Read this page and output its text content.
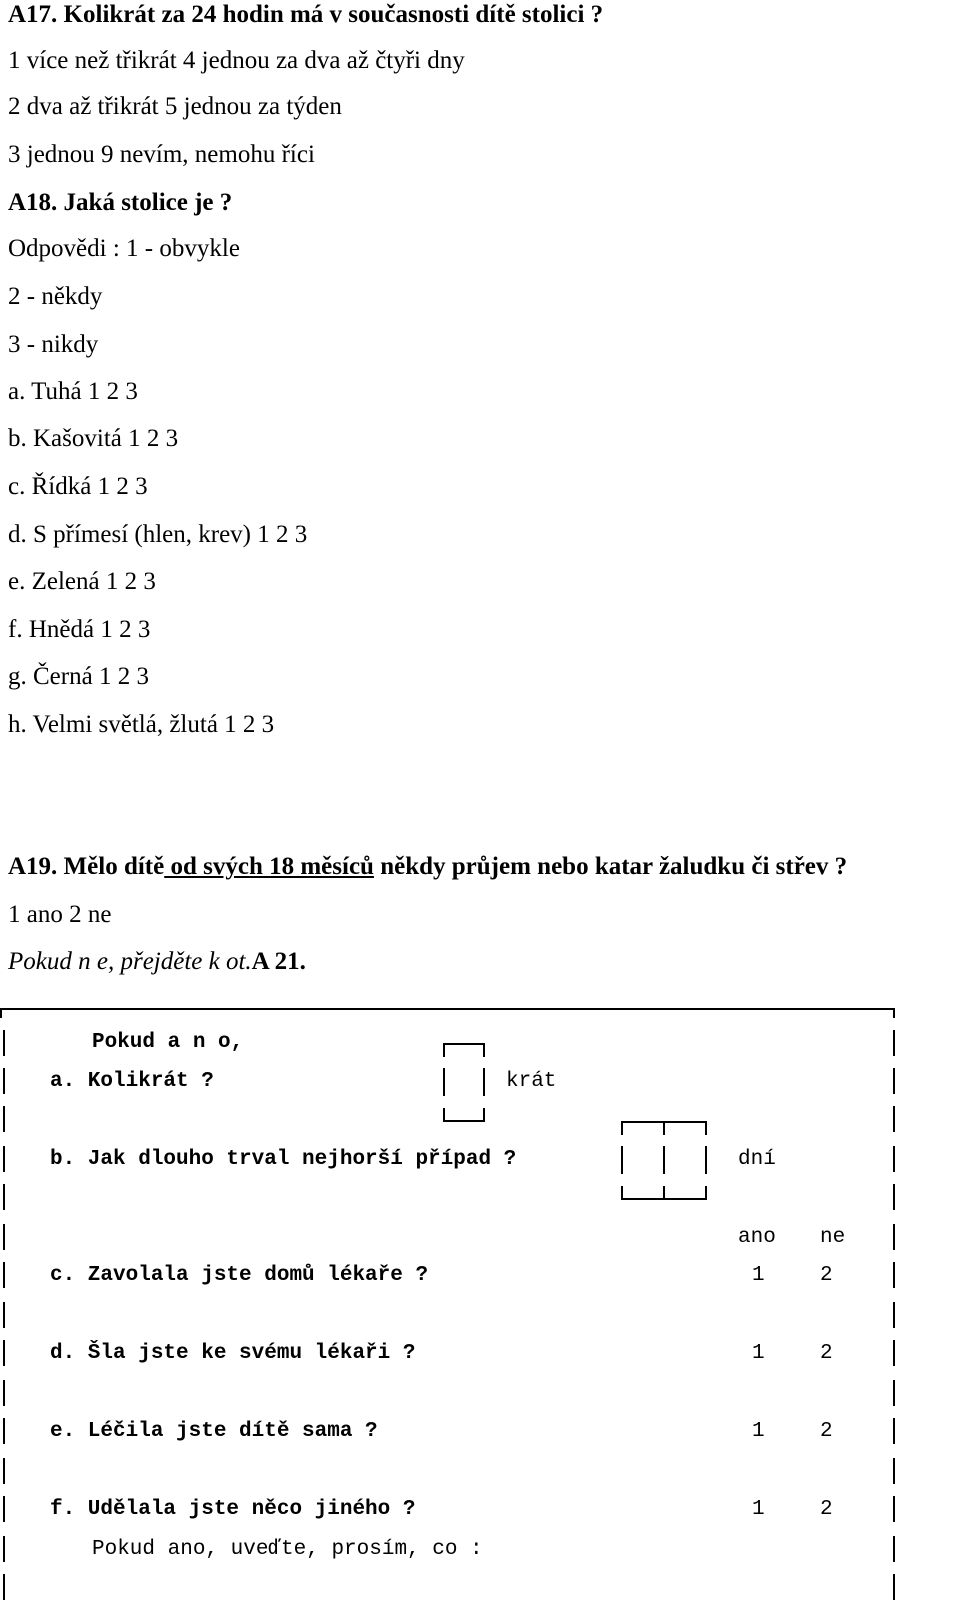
A17. Kolikrát za 24 hodin má v současnosti dítě stolici ?
1 více než třikrát 4 jednou za dva až čtyři dny
2 dva až třikrát 5 jednou za týden
3 jednou 9 nevím, nemohu říci
A18. Jaká stolice je ?
Odpovědi : 1 - obvykle
2 - někdy
3 - nikdy
a. Tuhá 1 2 3
b. Kašovitá 1 2 3
c. Řídká 1 2 3
d. S přímesí (hlen, krev) 1 2 3
e. Zelená 1 2 3
f. Hnědá 1 2 3
g. Černá 1 2 3
h. Velmi světlá, žlutá 1 2 3
A19. Mělo dítě od svých 18 měsíců někdy průjem nebo katar žaludku či střev ?
1 ano 2 ne
Pokud n e, přejděte k ot.A 21.
Pokud a n o,
a. Kolikrát ?	krát
b. Jak dlouho trval nejhorší případ ?	dní
ano ne
c. Zavolala jste domů lékaře ?	1	2
d. Šla jste ke svému lékaři ?	1	2
e. Léčila jste dítě sama ?	1	2
f. Udělala jste něco jiného ?	1	2
Pokud ano, uveďte, prosím, co :
